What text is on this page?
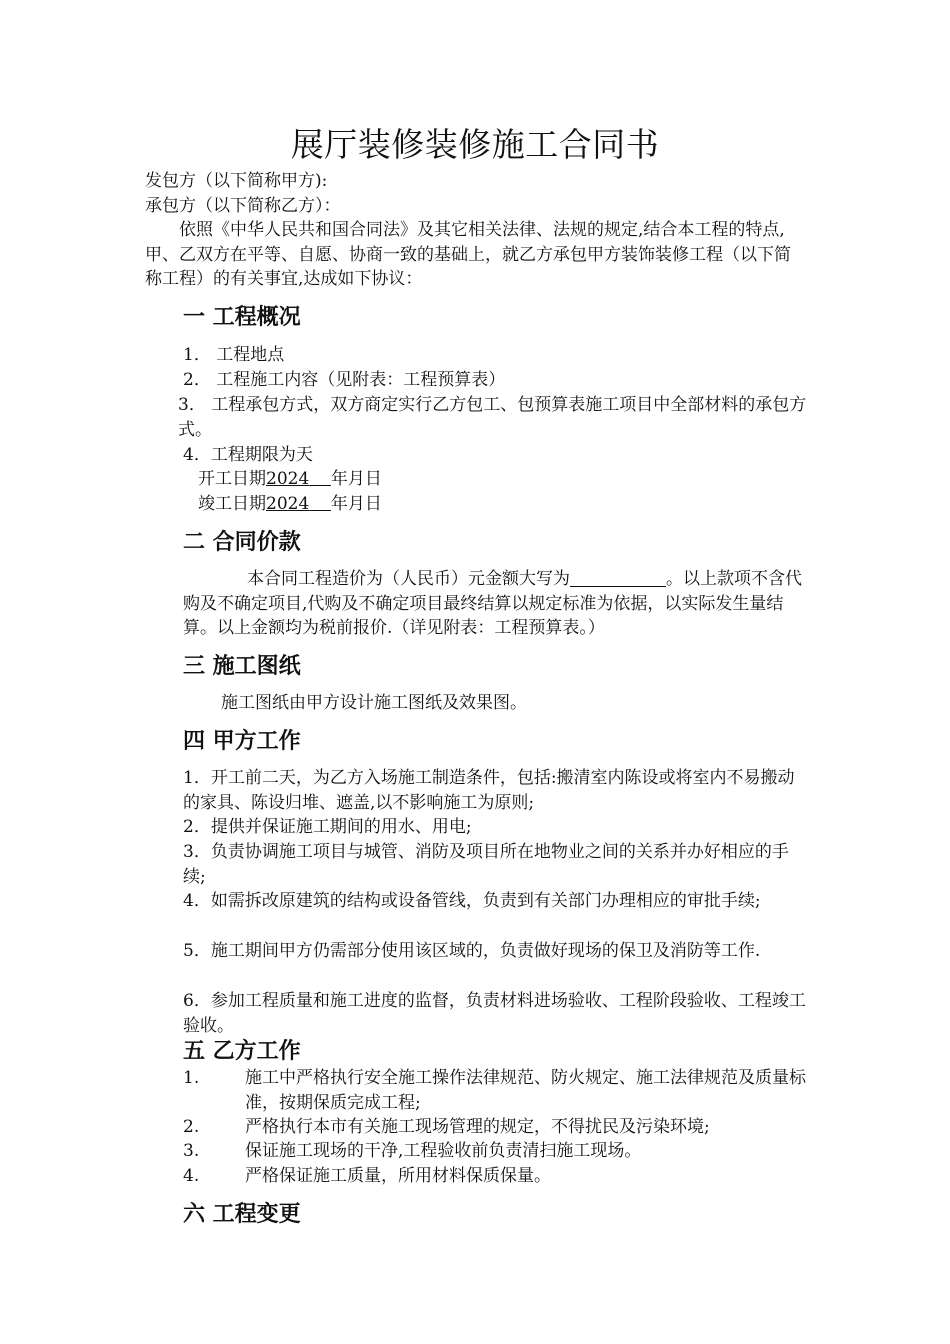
展厅装修装修施工合同书
发包方（以下简称甲方):
承包方（以下简称乙方）：
依照《中华人民共和国合同法》及其它相关法律、法规的规定,结合本工程的特点,甲、乙双方在平等、自愿、协商一致的基础上，就乙方承包甲方装饰装修工程（以下简称工程）的有关事宜,达成如下协议：
一 工程概况
1． 工程地点
2． 工程施工内容（见附表：工程预算表）
3． 工程承包方式，双方商定实行乙方包工、包预算表施工项目中全部材料的承包方式。
4．工程期限为天
开工日期2024 年月日
竣工日期2024 年月日
二 合同价款
本合同工程造价为（人民币）元金额大写为	。以上款项不含代购及不确定项目,代购及不确定项目最终结算以规定标准为依据，以实际发生量结算。以上金额均为税前报价.（详见附表：工程预算表。）
三 施工图纸
施工图纸由甲方设计施工图纸及效果图。
四 甲方工作
1．开工前二天，为乙方入场施工制造条件，包括:搬清室内陈设或将室内不易搬动的家具、陈设归堆、遮盖,以不影响施工为原则;
2．提供并保证施工期间的用水、用电;
3．负责协调施工项目与城管、消防及项目所在地物业之间的关系并办好相应的手续;
4．如需拆改原建筑的结构或设备管线，负责到有关部门办理相应的审批手续;
5．施工期间甲方仍需部分使用该区域的，负责做好现场的保卫及消防等工作.
6．参加工程质量和施工进度的监督，负责材料进场验收、工程阶段验收、工程竣工验收。
五 乙方工作
1.	施工中严格执行安全施工操作法律规范、防火规定、施工法律规范及质量标准，按期保质完成工程;
2.	严格执行本市有关施工现场管理的规定，不得扰民及污染环境;
3.	保证施工现场的干净,工程验收前负责清扫施工现场。
4.	严格保证施工质量，所用材料保质保量。
六 工程变更
